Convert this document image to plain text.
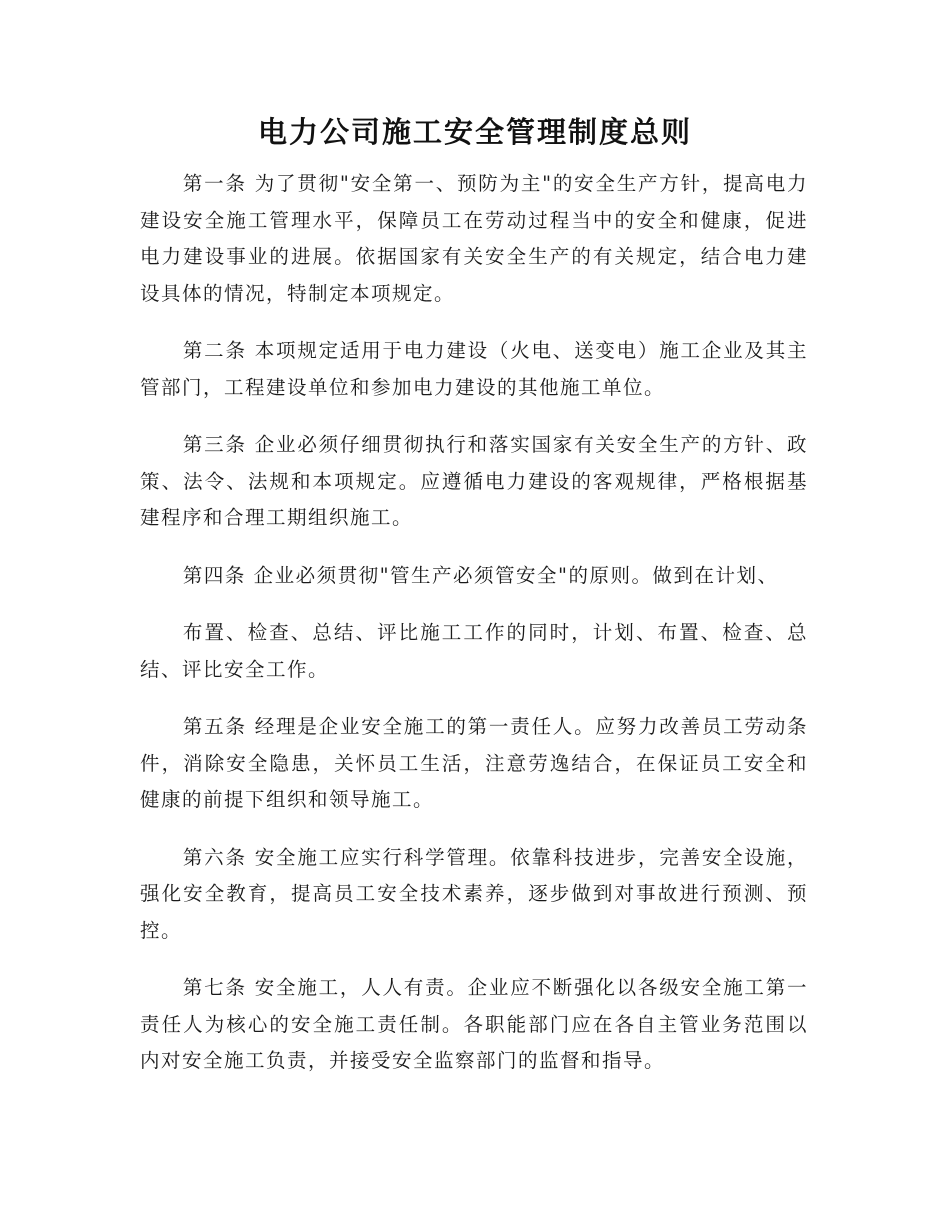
电力公司施工安全管理制度总则

第一条 为了贯彻"安全第一、预防为主"的安全生产方针，提高电力建设安全施工管理水平，保障员工在劳动过程当中的安全和健康，促进电力建设事业的进展。依据国家有关安全生产的有关规定，结合电力建设具体的情况，特制定本项规定。

第二条 本项规定适用于电力建设（火电、送变电）施工企业及其主管部门，工程建设单位和参加电力建设的其他施工单位。

第三条 企业必须仔细贯彻执行和落实国家有关安全生产的方针、政策、法令、法规和本项规定。应遵循电力建设的客观规律，严格根据基建程序和合理工期组织施工。

第四条 企业必须贯彻"管生产必须管安全"的原则。做到在计划、

布置、检查、总结、评比施工工作的同时，计划、布置、检查、总结、评比安全工作。

第五条 经理是企业安全施工的第一责任人。应努力改善员工劳动条件，消除安全隐患，关怀员工生活，注意劳逸结合，在保证员工安全和健康的前提下组织和领导施工。

第六条 安全施工应实行科学管理。依靠科技进步，完善安全设施，强化安全教育，提高员工安全技术素养，逐步做到对事故进行预测、预控。

第七条 安全施工，人人有责。企业应不断强化以各级安全施工第一责任人为核心的安全施工责任制。各职能部门应在各自主管业务范围以内对安全施工负责，并接受安全监察部门的监督和指导。
